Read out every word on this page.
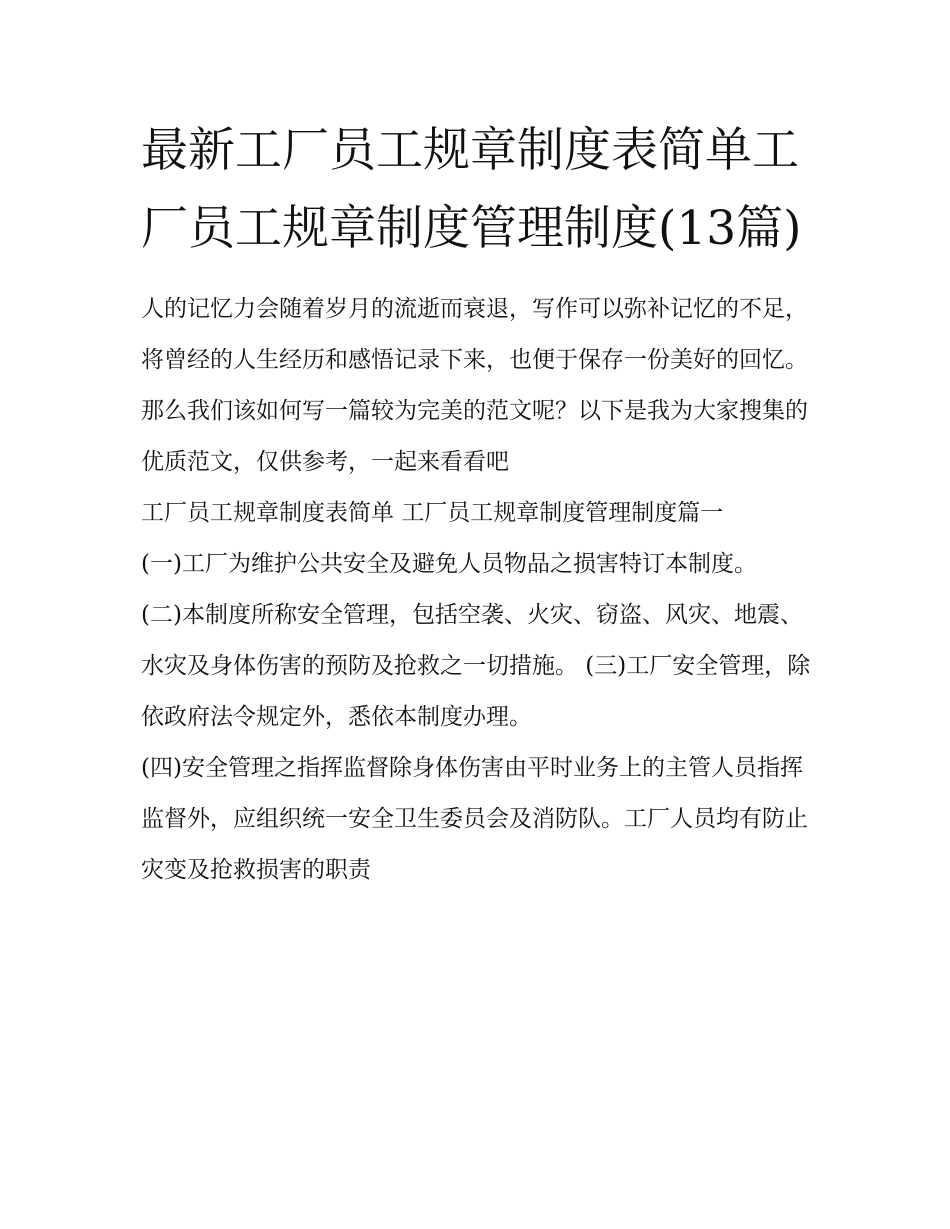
最新工厂员工规章制度表简单工厂员工规章制度管理制度(13篇)

人的记忆力会随着岁月的流逝而衰退，写作可以弥补记忆的不足，将曾经的人生经历和感悟记录下来，也便于保存一份美好的回忆。那么我们该如何写一篇较为完美的范文呢？以下是我为大家搜集的优质范文，仅供参考，一起来看看吧

工厂员工规章制度表简单 工厂员工规章制度管理制度篇一

(一)工厂为维护公共安全及避免人员物品之损害特订本制度。

(二)本制度所称安全管理，包括空袭、火灾、窃盗、风灾、地震、水灾及身体伤害的预防及抢救之一切措施。 (三)工厂安全管理，除依政府法令规定外，悉依本制度办理。

(四)安全管理之指挥监督除身体伤害由平时业务上的主管人员指挥监督外，应组织统一安全卫生委员会及消防队。工厂人员均有防止灾变及抢救损害的职责
